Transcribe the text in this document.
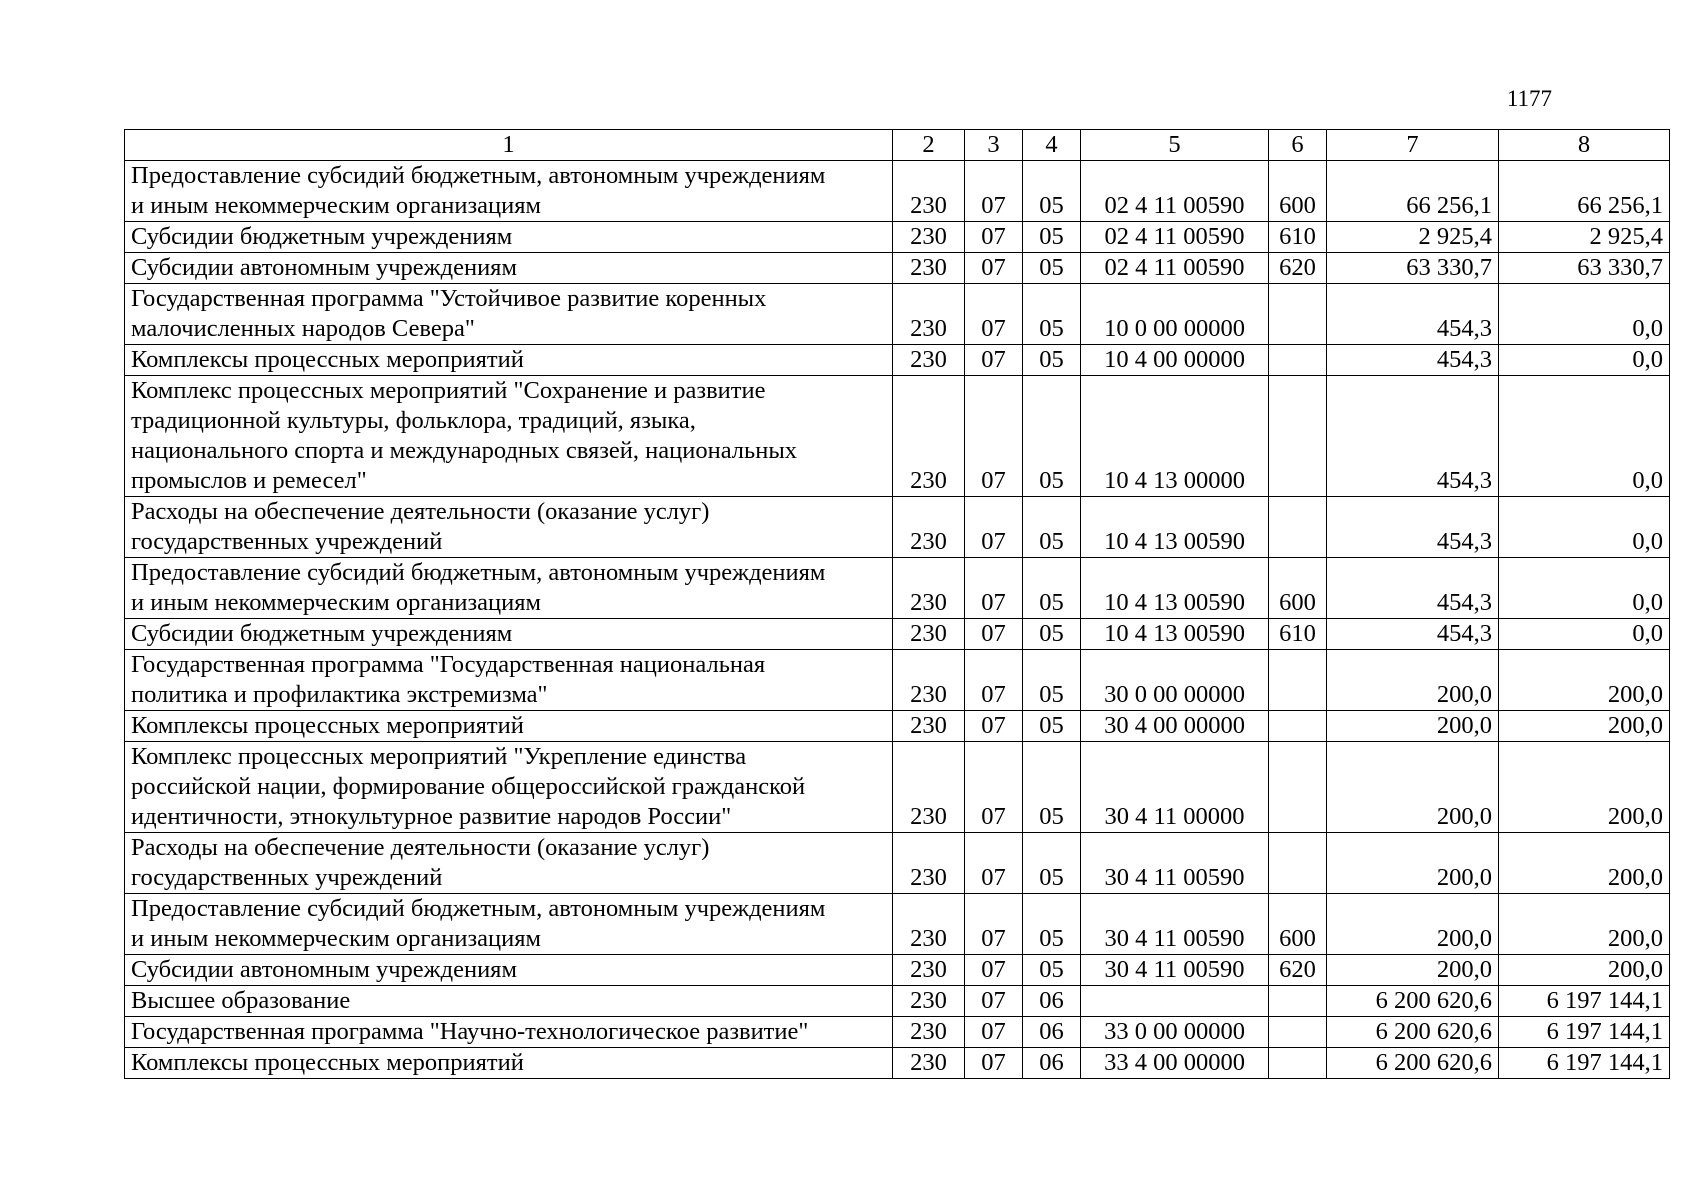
1177
1	2	3	4	5	6	7	8
Предоставление субсидий бюджетным, автономным учреждениям
и иным некоммерческим организациям	230	07	05	02 4 11 00590	600	66 256,1	66 256,1
Субсидии бюджетным учреждениям	230	07	05	02 4 11 00590	610	2 925,4	2 925,4
Субсидии автономным учреждениям	230	07	05	02 4 11 00590	620	63 330,7	63 330,7
Государственная программа "Устойчивое развитие коренных
малочисленных народов Севера"	230	07	05	10 0 00 00000		454,3	0,0
Комплексы процессных мероприятий	230	07	05	10 4 00 00000		454,3	0,0
Комплекс процессных мероприятий "Сохранение и развитие
традиционной культуры, фольклора, традиций, языка,
национального спорта и международных связей, национальных
промыслов и ремесел"	230	07	05	10 4 13 00000		454,3	0,0
Расходы на обеспечение деятельности (оказание услуг)
государственных учреждений	230	07	05	10 4 13 00590		454,3	0,0
Предоставление субсидий бюджетным, автономным учреждениям
и иным некоммерческим организациям	230	07	05	10 4 13 00590	600	454,3	0,0
Субсидии бюджетным учреждениям	230	07	05	10 4 13 00590	610	454,3	0,0
Государственная программа "Государственная национальная
политика и профилактика экстремизма"	230	07	05	30 0 00 00000		200,0	200,0
Комплексы процессных мероприятий	230	07	05	30 4 00 00000		200,0	200,0
Комплекс процессных мероприятий "Укрепление единства
российской нации, формирование общероссийской гражданской
идентичности, этнокультурное развитие народов России"	230	07	05	30 4 11 00000		200,0	200,0
Расходы на обеспечение деятельности (оказание услуг)
государственных учреждений	230	07	05	30 4 11 00590		200,0	200,0
Предоставление субсидий бюджетным, автономным учреждениям
и иным некоммерческим организациям	230	07	05	30 4 11 00590	600	200,0	200,0
Субсидии автономным учреждениям	230	07	05	30 4 11 00590	620	200,0	200,0
Высшее образование	230	07	06			6 200 620,6	6 197 144,1
Государственная программа "Научно-технологическое развитие"	230	07	06	33 0 00 00000		6 200 620,6	6 197 144,1
Комплексы процессных мероприятий	230	07	06	33 4 00 00000		6 200 620,6	6 197 144,1
